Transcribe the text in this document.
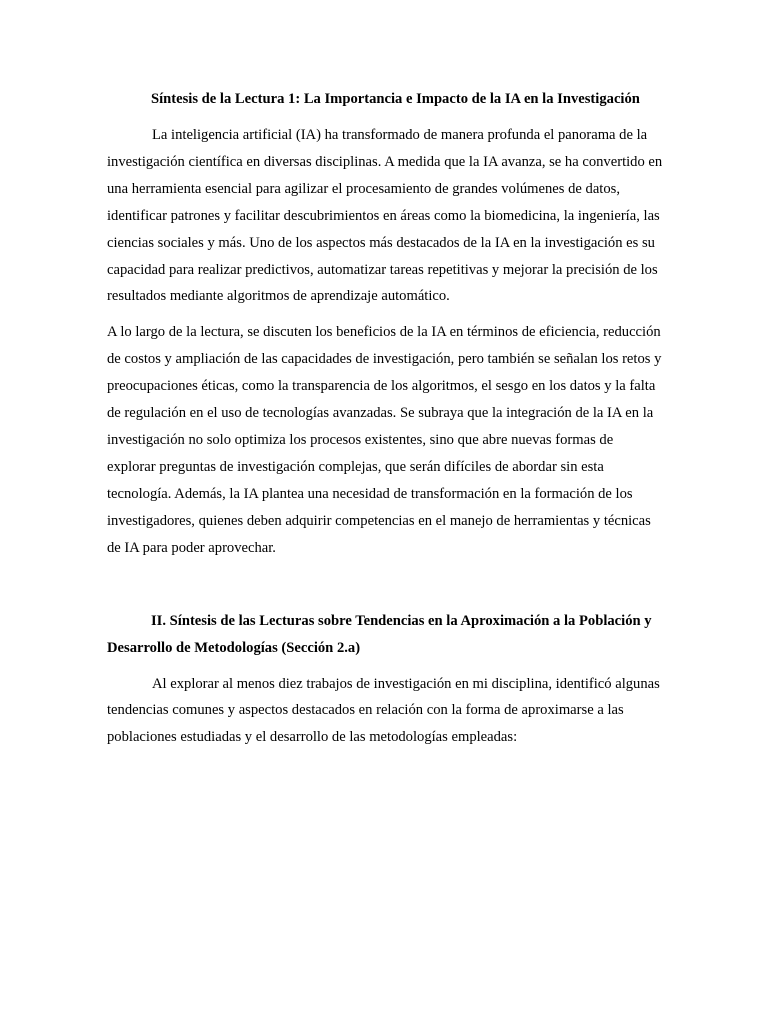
Síntesis de la Lectura 1: La Importancia e Impacto de la IA en la Investigación

La inteligencia artificial (IA) ha transformado de manera profunda el panorama de la investigación científica en diversas disciplinas. A medida que la IA avanza, se ha convertido en una herramienta esencial para agilizar el procesamiento de grandes volúmenes de datos, identificar patrones y facilitar descubrimientos en áreas como la biomedicina, la ingeniería, las ciencias sociales y más. Uno de los aspectos más destacados de la IA en la investigación es su capacidad para realizar predictivos, automatizar tareas repetitivas y mejorar la precisión de los resultados mediante algoritmos de aprendizaje automático.

A lo largo de la lectura, se discuten los beneficios de la IA en términos de eficiencia, reducción de costos y ampliación de las capacidades de investigación, pero también se señalan los retos y preocupaciones éticas, como la transparencia de los algoritmos, el sesgo en los datos y la falta de regulación en el uso de tecnologías avanzadas. Se subraya que la integración de la IA en la investigación no solo optimiza los procesos existentes, sino que abre nuevas formas de explorar preguntas de investigación complejas, que serán difíciles de abordar sin esta tecnología. Además, la IA plantea una necesidad de transformación en la formación de los investigadores, quienes deben adquirir competencias en el manejo de herramientas y técnicas de IA para poder aprovechar.

II. Síntesis de las Lecturas sobre Tendencias en la Aproximación a la Población y Desarrollo de Metodologías (Sección 2.a)

Al explorar al menos diez trabajos de investigación en mi disciplina, identificó algunas tendencias comunes y aspectos destacados en relación con la forma de aproximarse a las poblaciones estudiadas y el desarrollo de las metodologías empleadas:
